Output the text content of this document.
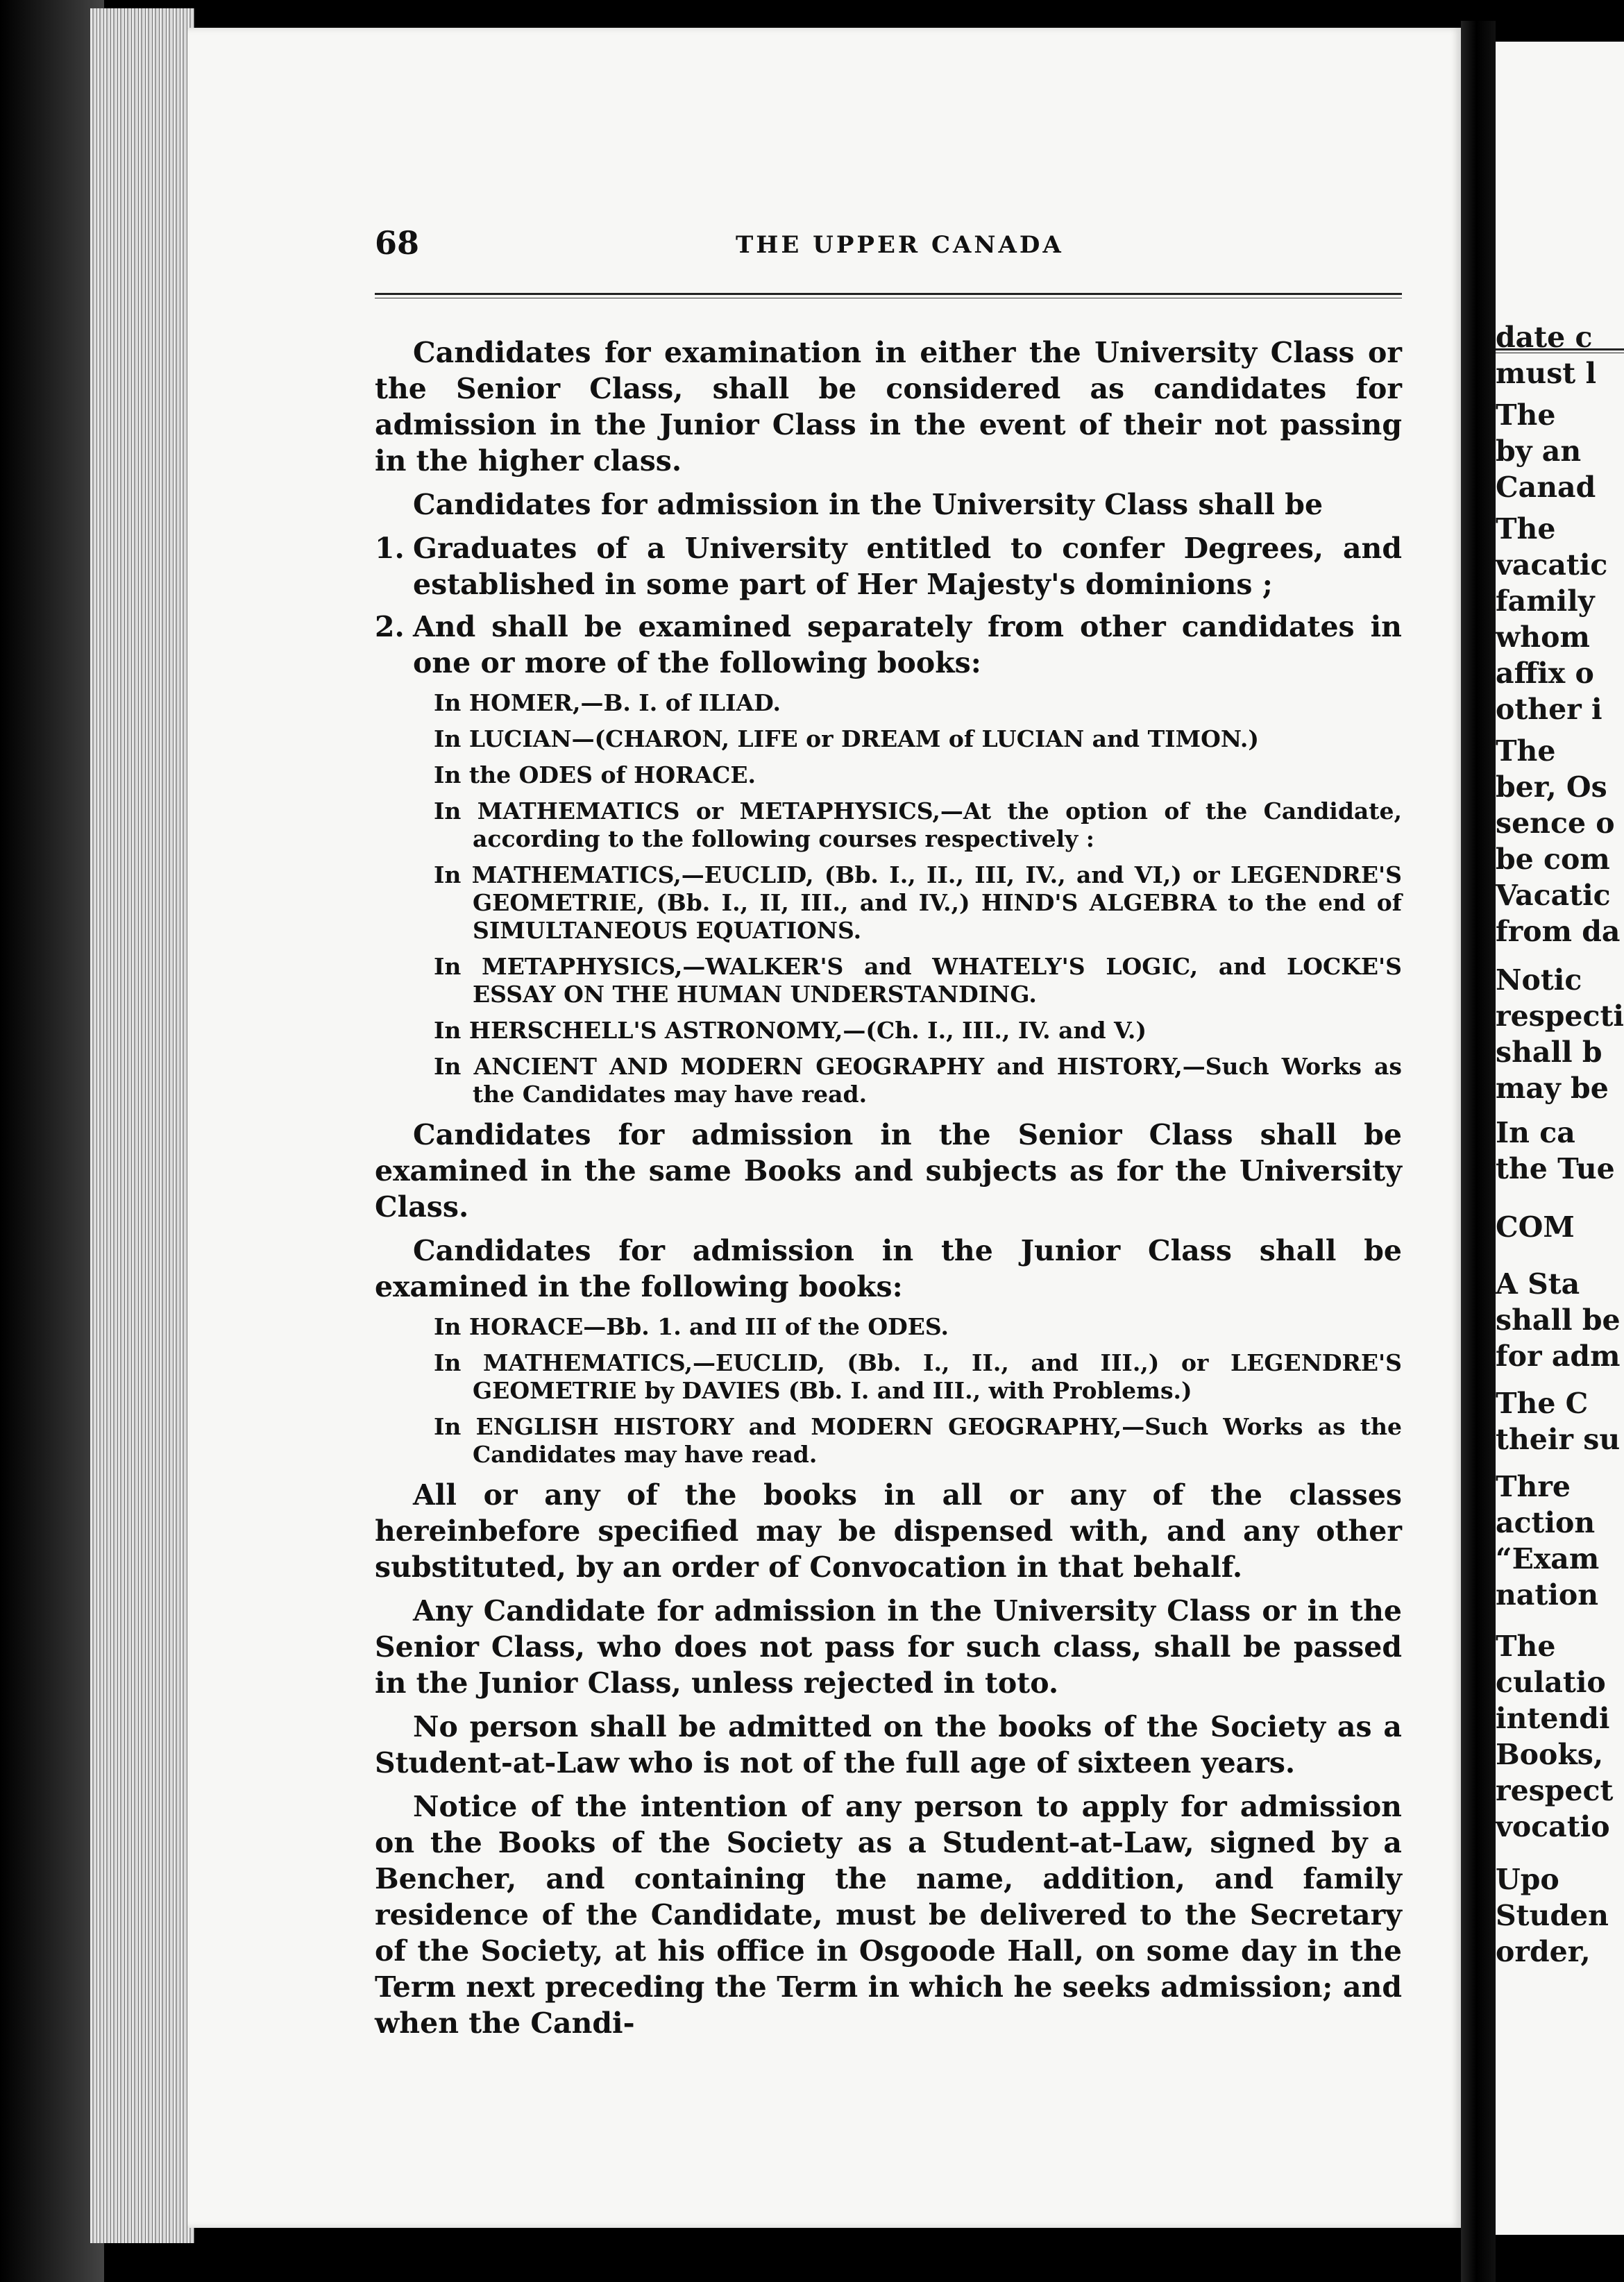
date c
must l
The
by an
Canad
The
vacatic
family
whom
affix o
other i
The
ber, Os
sence o
be com
Vacatic
from da
Notic
respecti
shall b
may be
In ca
the Tue
COM
A Sta
shall be
for adm
The C
their su
Thre
action
“Exam
nation
The
culatio
intendi
Books,
respect
vocatio
Upo
Studen
order,
68	THE UPPER CANADA

Candidates for examination in either the University Class or the Senior Class, shall be considered as candidates for admission in the Junior Class in the event of their not passing in the higher class.

Candidates for admission in the University Class shall be

1. Graduates of a University entitled to confer Degrees, and established in some part of Her Majesty's dominions ;
2. And shall be examined separately from other candidates in one or more of the following books:
In HOMER,—B. I. of ILIAD.
In LUCIAN—(CHARON, LIFE or DREAM of LUCIAN and TIMON.)
In the ODES of HORACE.
In MATHEMATICS or METAPHYSICS,—At the option of the Candidate, according to the following courses respectively :
In MATHEMATICS,—EUCLID, (Bb. I., II., III, IV., and VI,) or LEGENDRE'S GEOMETRIE, (Bb. I., II, III., and IV.,) HIND'S ALGEBRA to the end of SIMULTANEOUS EQUATIONS.
In METAPHYSICS,—WALKER'S and WHATELY'S LOGIC, and LOCKE'S ESSAY ON THE HUMAN UNDERSTANDING.
In HERSCHELL'S ASTRONOMY,—(Ch. I., III., IV. and V.)
In ANCIENT AND MODERN GEOGRAPHY and HISTORY,—Such Works as the Candidates may have read.

Candidates for admission in the Senior Class shall be examined in the same Books and subjects as for the University Class.

Candidates for admission in the Junior Class shall be examined in the following books:

In HORACE—Bb. 1. and III of the ODES.
In MATHEMATICS,—EUCLID, (Bb. I., II., and III.,) or LEGENDRE'S GEOMETRIE by DAVIES (Bb. I. and III., with Problems.)
In ENGLISH HISTORY and MODERN GEOGRAPHY,—Such Works as the Candidates may have read.

All or any of the books in all or any of the classes hereinbefore specified may be dispensed with, and any other substituted, by an order of Convocation in that behalf.

Any Candidate for admission in the University Class or in the Senior Class, who does not pass for such class, shall be passed in the Junior Class, unless rejected in toto.

No person shall be admitted on the books of the Society as a Student-at-Law who is not of the full age of sixteen years.

Notice of the intention of any person to apply for admission on the Books of the Society as a Student-at-Law, signed by a Bencher, and containing the name, addition, and family residence of the Candidate, must be delivered to the Secretary of the Society, at his office in Osgoode Hall, on some day in the Term next preceding the Term in which he seeks admission; and when the Candi-
